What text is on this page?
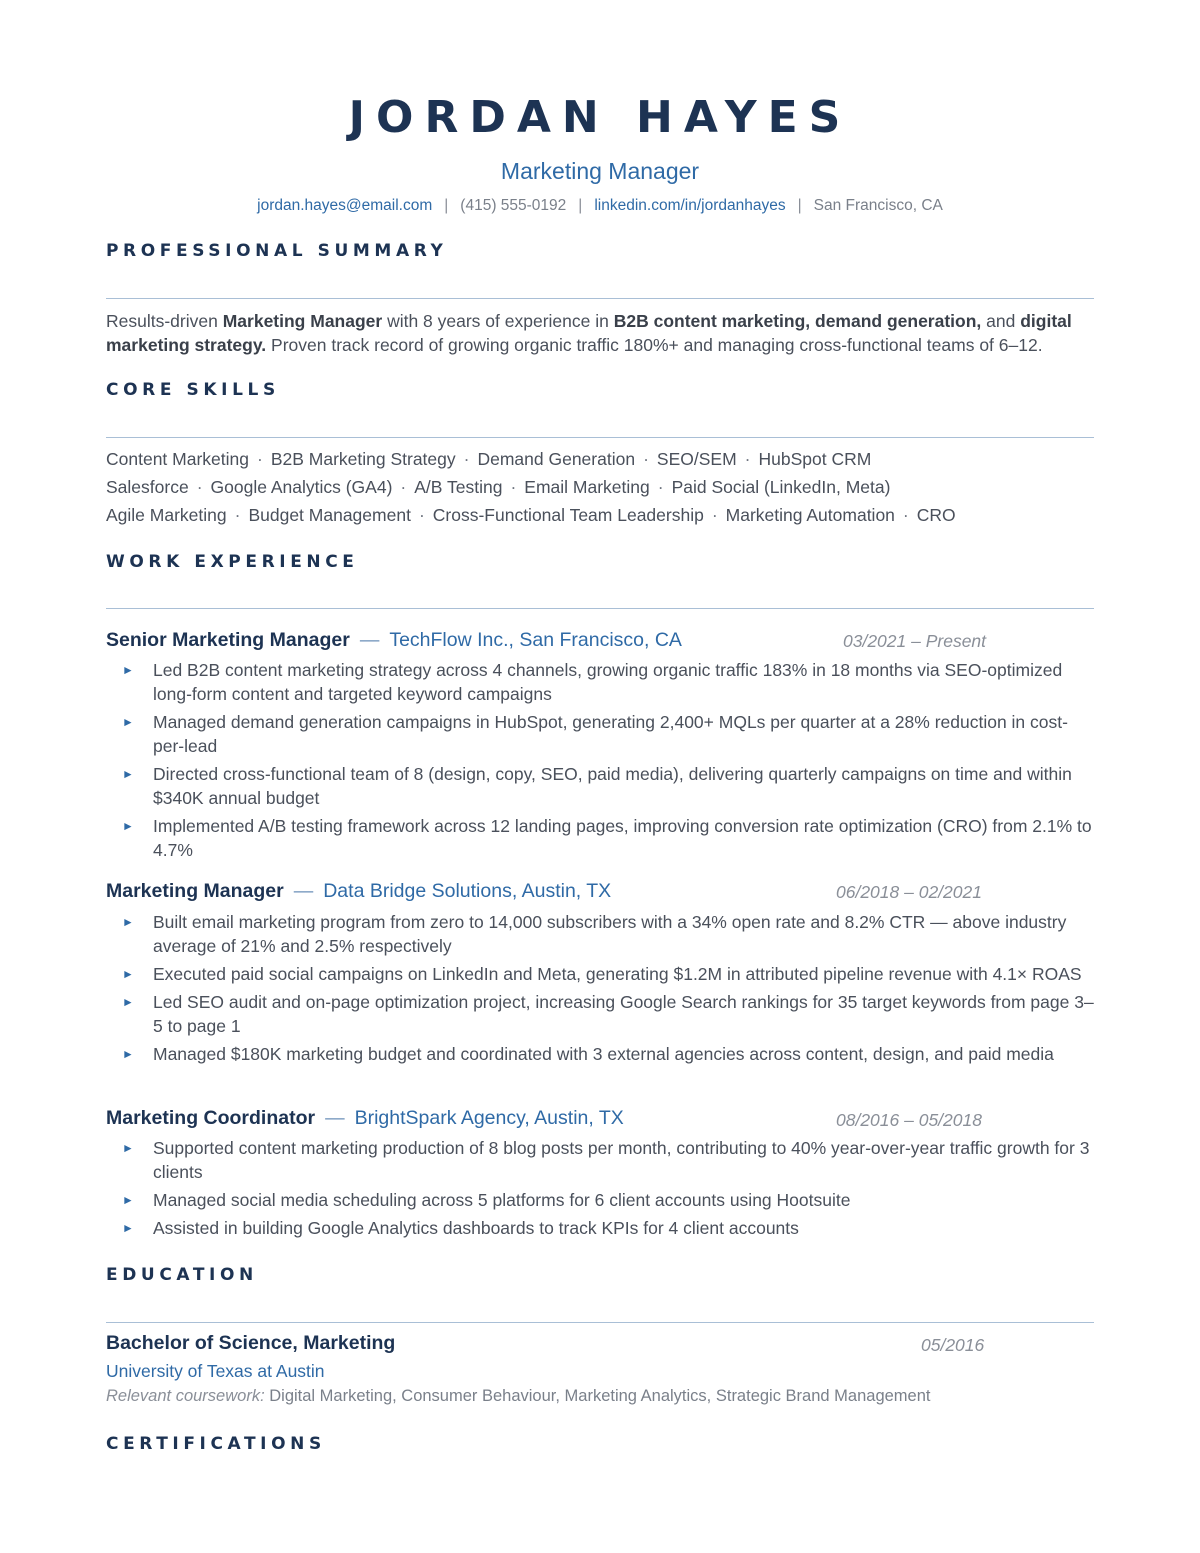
JORDAN HAYES
Marketing Manager
jordan.hayes@email.com | (415) 555-0192 | linkedin.com/in/jordanhayes | San Francisco, CA
PROFESSIONAL SUMMARY
Results-driven Marketing Manager with 8 years of experience in B2B content marketing, demand generation, and digital marketing strategy. Proven track record of growing organic traffic 180%+ and managing cross-functional teams of 6–12.
CORE SKILLS
Content Marketing · B2B Marketing Strategy · Demand Generation · SEO/SEM · HubSpot CRM
Salesforce · Google Analytics (GA4) · A/B Testing · Email Marketing · Paid Social (LinkedIn, Meta)
Agile Marketing · Budget Management · Cross-Functional Team Leadership · Marketing Automation · CRO
WORK EXPERIENCE
Senior Marketing Manager — TechFlow Inc., San Francisco, CA	03/2021 – Present
► Led B2B content marketing strategy across 4 channels, growing organic traffic 183% in 18 months via SEO-optimized long-form content and targeted keyword campaigns
► Managed demand generation campaigns in HubSpot, generating 2,400+ MQLs per quarter at a 28% reduction in cost-per-lead
► Directed cross-functional team of 8 (design, copy, SEO, paid media), delivering quarterly campaigns on time and within $340K annual budget
► Implemented A/B testing framework across 12 landing pages, improving conversion rate optimization (CRO) from 2.1% to 4.7%
Marketing Manager — Data Bridge Solutions, Austin, TX	06/2018 – 02/2021
► Built email marketing program from zero to 14,000 subscribers with a 34% open rate and 8.2% CTR — above industry average of 21% and 2.5% respectively
► Executed paid social campaigns on LinkedIn and Meta, generating $1.2M in attributed pipeline revenue with 4.1× ROAS
► Led SEO audit and on-page optimization project, increasing Google Search rankings for 35 target keywords from page 3–5 to page 1
► Managed $180K marketing budget and coordinated with 3 external agencies across content, design, and paid media
Marketing Coordinator — BrightSpark Agency, Austin, TX	08/2016 – 05/2018
► Supported content marketing production of 8 blog posts per month, contributing to 40% year-over-year traffic growth for 3 clients
► Managed social media scheduling across 5 platforms for 6 client accounts using Hootsuite
► Assisted in building Google Analytics dashboards to track KPIs for 4 client accounts
EDUCATION
Bachelor of Science, Marketing	05/2016
University of Texas at Austin
Relevant coursework: Digital Marketing, Consumer Behaviour, Marketing Analytics, Strategic Brand Management
CERTIFICATIONS
